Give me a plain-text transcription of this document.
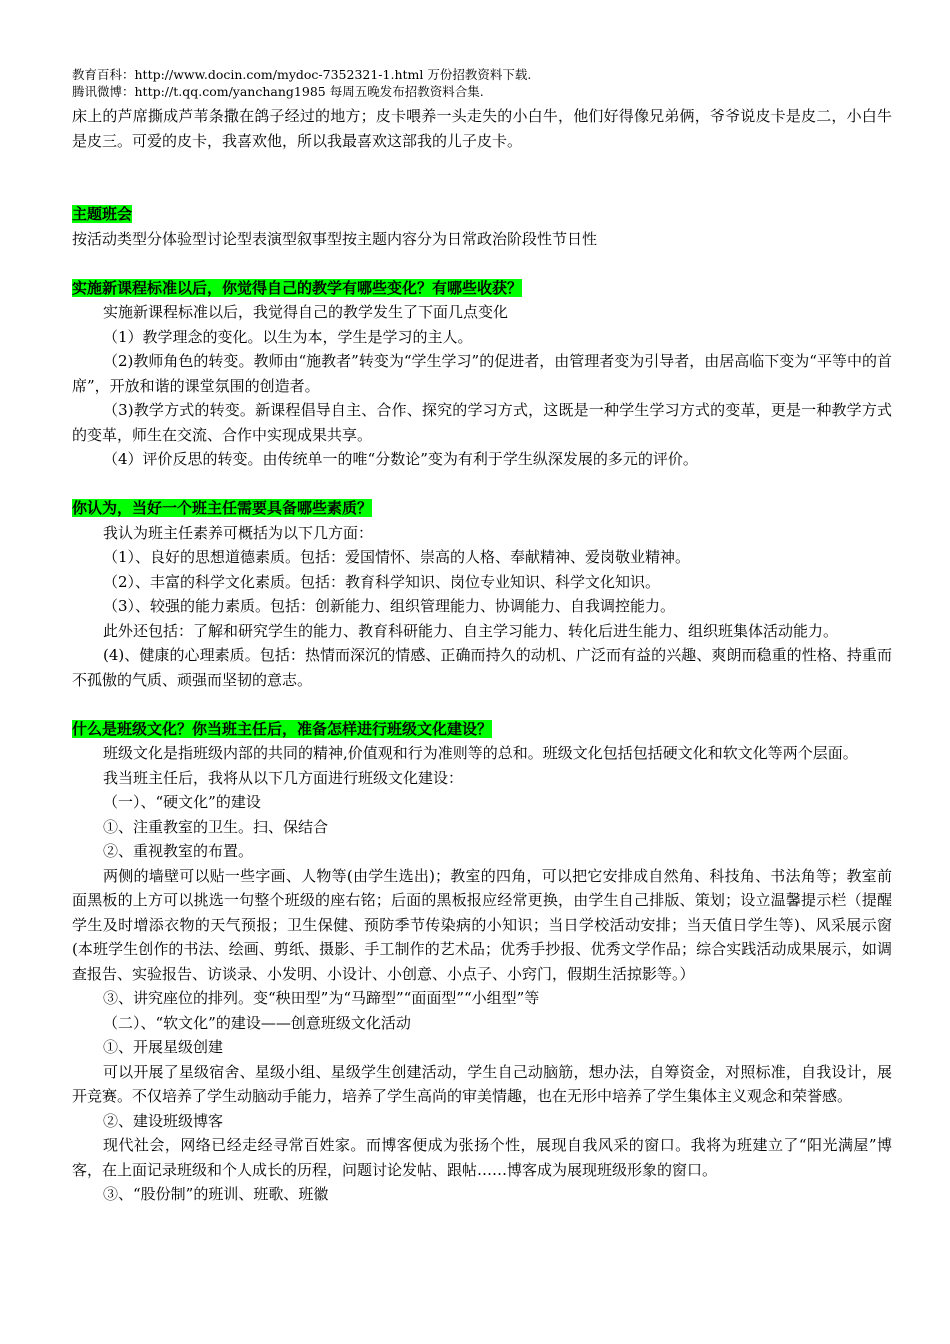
教育百科：http://www.docin.com/mydoc-7352321-1.html 万份招教资料下载.
腾讯微博：http://t.qq.com/yanchang1985 每周五晚发布招教资料合集.

床上的芦席撕成芦苇条撒在鸽子经过的地方；皮卡喂养一头走失的小白牛，他们好得像兄弟俩，爷爷说皮卡是皮二，小白牛是皮三。可爱的皮卡，我喜欢他，所以我最喜欢这部我的儿子皮卡。

主题班会

按活动类型分体验型讨论型表演型叙事型按主题内容分为日常政治阶段性节日性

实施新课程标准以后，你觉得自己的教学有哪些变化？有哪些收获？

实施新课程标准以后，我觉得自己的教学发生了下面几点变化

（1）教学理念的变化。以生为本，学生是学习的主人。

（2)教师角色的转变。教师由“施教者”转变为“学生学习”的促进者，由管理者变为引导者，由居高临下变为“平等中的首席”，开放和谐的课堂氛围的创造者。

（3)教学方式的转变。新课程倡导自主、合作、探究的学习方式，这既是一种学生学习方式的变革，更是一种教学方式的变革，师生在交流、合作中实现成果共享。

（4）评价反思的转变。由传统单一的唯“分数论”变为有利于学生纵深发展的多元的评价。

你认为，当好一个班主任需要具备哪些素质？

我认为班主任素养可概括为以下几方面：

（1）、良好的思想道德素质。包括：爱国情怀、崇高的人格、奉献精神、爱岗敬业精神。

（2）、丰富的科学文化素质。包括：教育科学知识、岗位专业知识、科学文化知识。

（3）、较强的能力素质。包括：创新能力、组织管理能力、协调能力、自我调控能力。

此外还包括：了解和研究学生的能力、教育科研能力、自主学习能力、转化后进生能力、组织班集体活动能力。

(4)、健康的心理素质。包括：热情而深沉的情感、正确而持久的动机、广泛而有益的兴趣、爽朗而稳重的性格、持重而不孤傲的气质、顽强而坚韧的意志。

什么是班级文化？你当班主任后，准备怎样进行班级文化建设？

班级文化是指班级内部的共同的精神,价值观和行为准则等的总和。班级文化包括包括硬文化和软文化等两个层面。

我当班主任后，我将从以下几方面进行班级文化建设：

（一）、“硬文化”的建设

①、注重教室的卫生。扫、保结合

②、重视教室的布置。

两侧的墙壁可以贴一些字画、人物等(由学生选出)；教室的四角，可以把它安排成自然角、科技角、书法角等；教室前面黑板的上方可以挑选一句整个班级的座右铭；后面的黑板报应经常更换，由学生自己排版、策划；设立温馨提示栏（提醒学生及时增添衣物的天气预报；卫生保健、预防季节传染病的小知识；当日学校活动安排；当天值日学生等)、风采展示窗(本班学生创作的书法、绘画、剪纸、摄影、手工制作的艺术品；优秀手抄报、优秀文学作品；综合实践活动成果展示，如调查报告、实验报告、访谈录、小发明、小设计、小创意、小点子、小窍门，假期生活掠影等。）

③、讲究座位的排列。变“秧田型”为“马蹄型”“面面型”“小组型”等

（二）、“软文化”的建设——创意班级文化活动

①、开展星级创建

可以开展了星级宿舍、星级小组、星级学生创建活动，学生自己动脑筋，想办法，自筹资金，对照标准，自我设计，展开竞赛。不仅培养了学生动脑动手能力，培养了学生高尚的审美情趣，也在无形中培养了学生集体主义观念和荣誉感。

②、建设班级博客

现代社会，网络已经走经寻常百姓家。而博客便成为张扬个性，展现自我风采的窗口。我将为班建立了“阳光满屋”博客，在上面记录班级和个人成长的历程，问题讨论发帖、跟帖……博客成为展现班级形象的窗口。

③、“股份制”的班训、班歌、班徽
